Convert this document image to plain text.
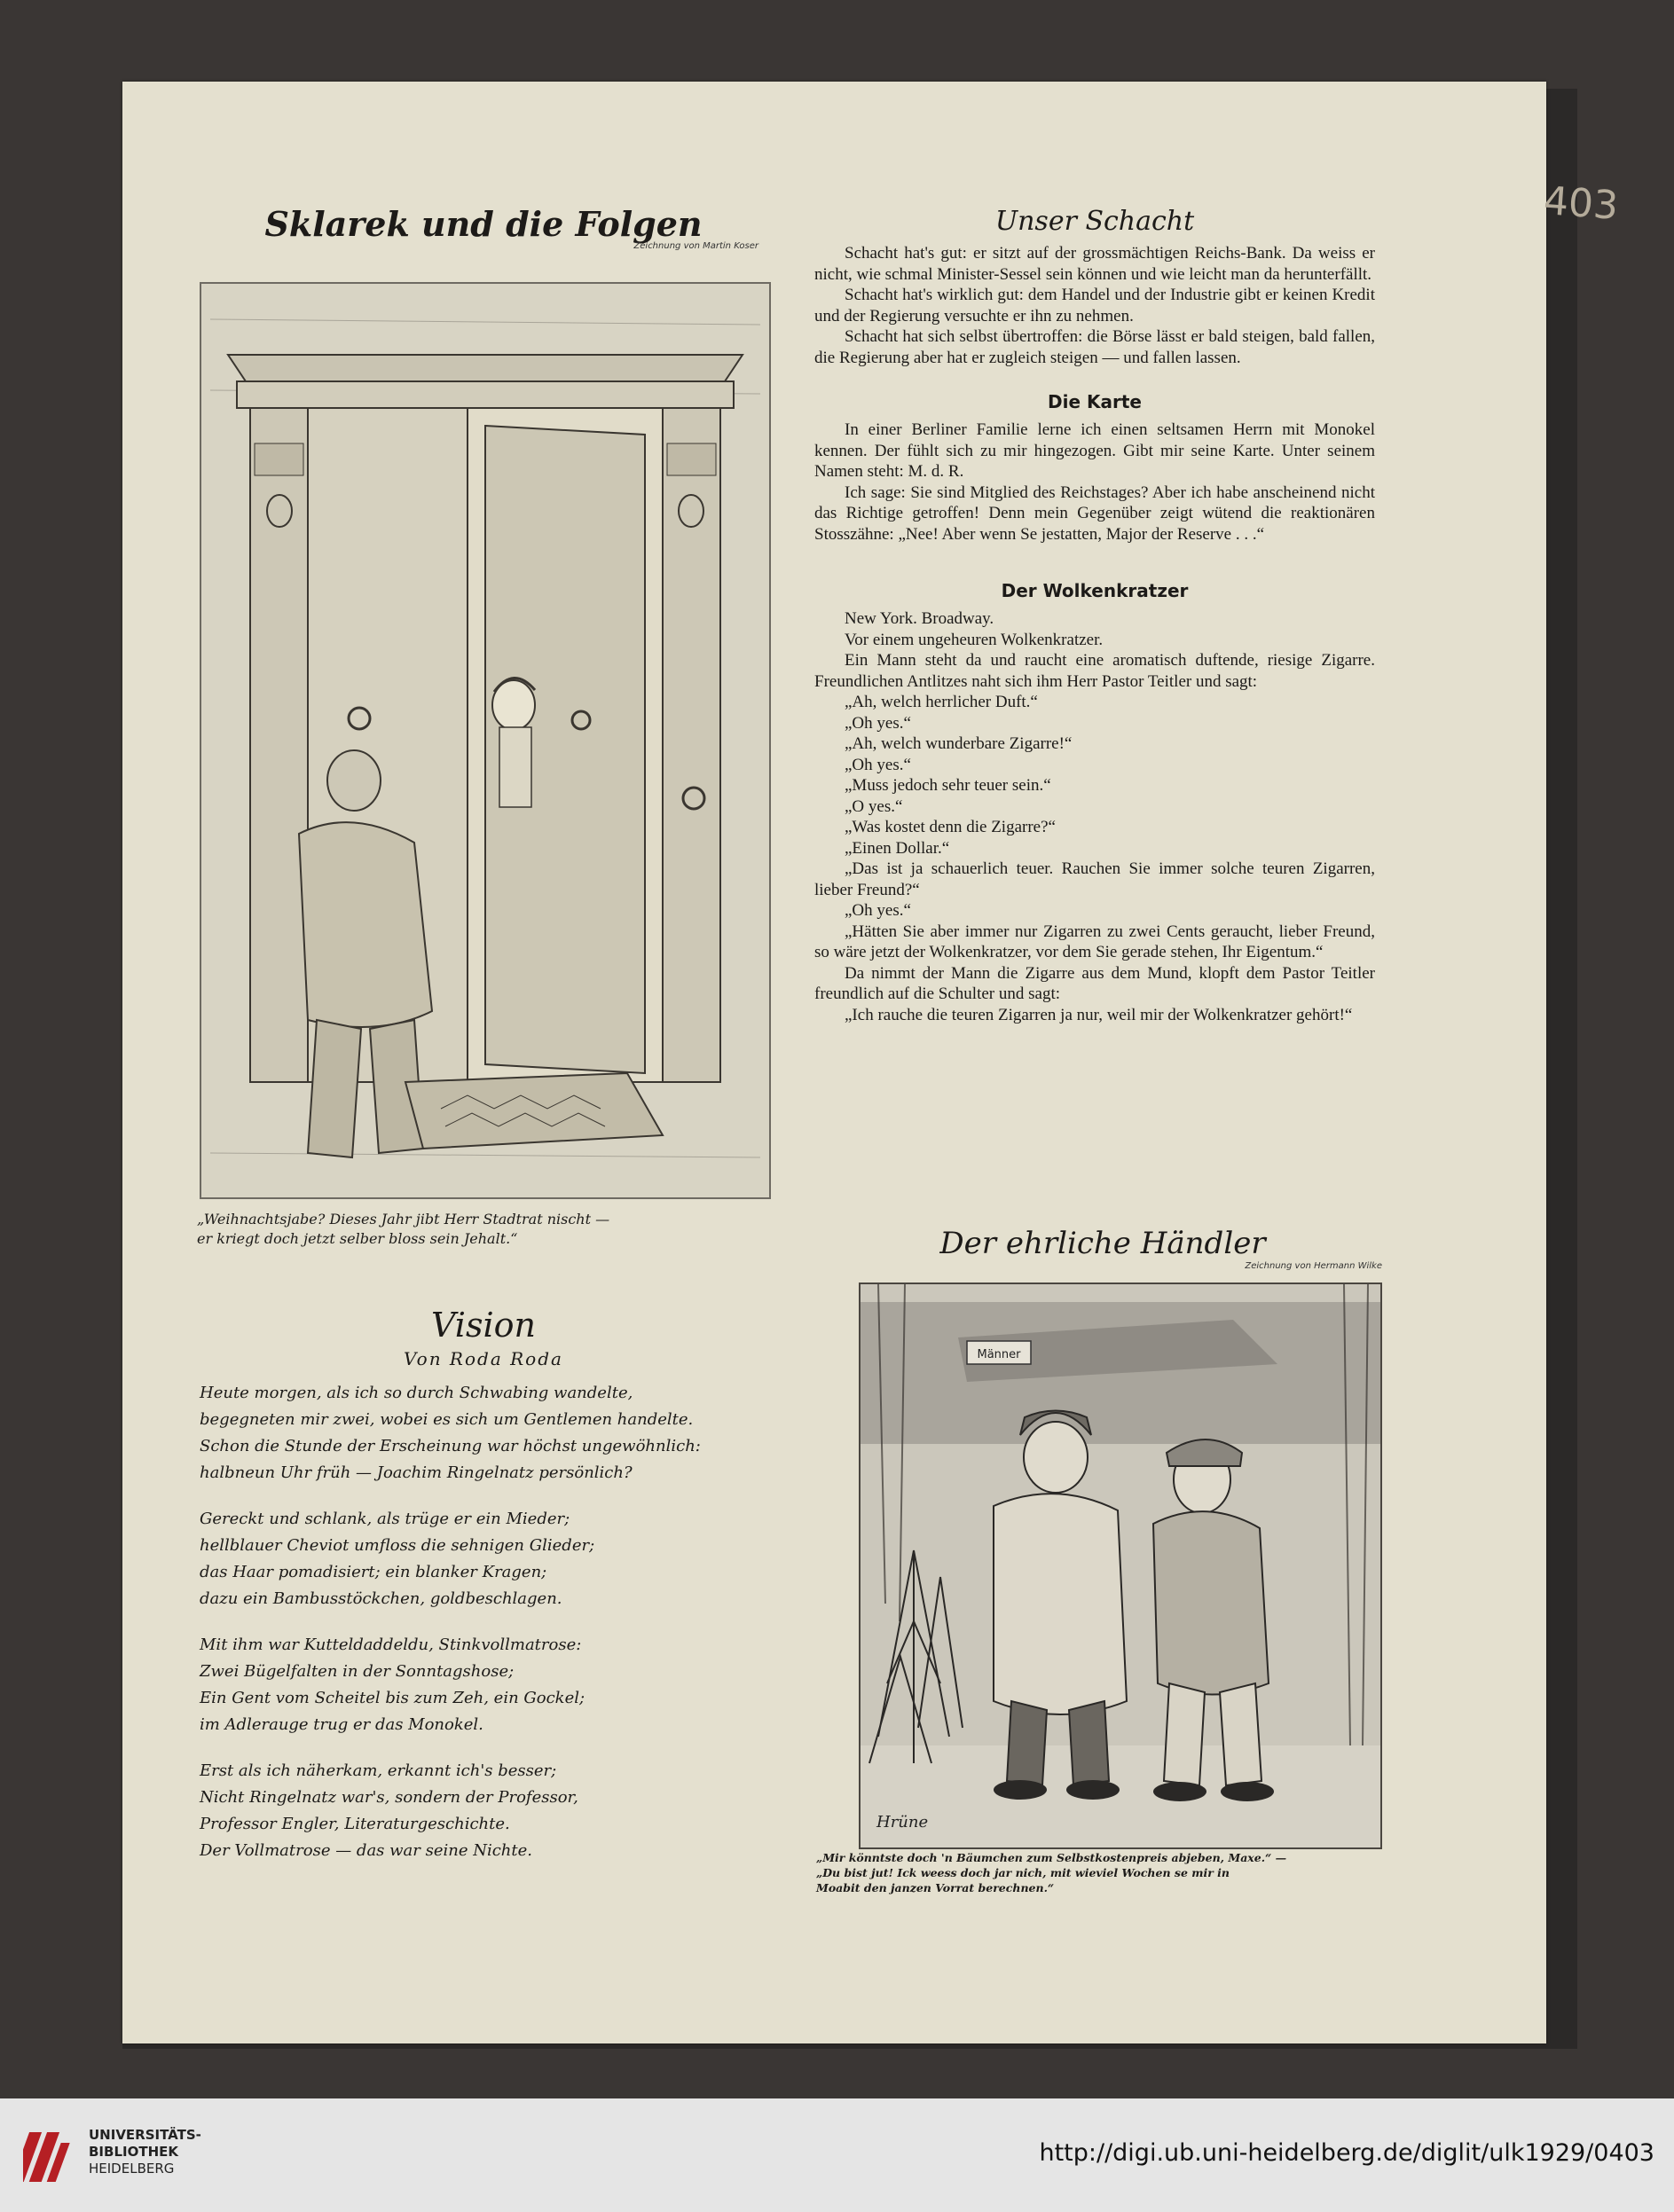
403
Sklarek und die Folgen
Zeichnung von Martin Koser
„Weihnachtsjabe? Dieses Jahr jibt Herr Stadtrat nischt —
er kriegt doch jetzt selber bloss sein Jehalt.“
Vision
Von Roda Roda
Heute morgen, als ich so durch Schwabing wandelte,
begegneten mir zwei, wobei es sich um Gentlemen handelte.
Schon die Stunde der Erscheinung war höchst ungewöhnlich:
halbneun Uhr früh — Joachim Ringelnatz persönlich?
Gereckt und schlank, als trüge er ein Mieder;
hellblauer Cheviot umfloss die sehnigen Glieder;
das Haar pomadisiert; ein blanker Kragen;
dazu ein Bambusstöckchen, goldbeschlagen.
Mit ihm war Kutteldaddeldu, Stinkvollmatrose:
Zwei Bügelfalten in der Sonntagshose;
Ein Gent vom Scheitel bis zum Zeh, ein Gockel;
im Adlerauge trug er das Monokel.
Erst als ich näherkam, erkannt ich's besser;
Nicht Ringelnatz war's, sondern der Professor,
Professor Engler, Literaturgeschichte.
Der Vollmatrose — das war seine Nichte.
Unser Schacht

Schacht hat's gut: er sitzt auf der grossmächtigen Reichs-Bank. Da weiss er nicht, wie schmal Minister-Sessel sein können und wie leicht man da herunterfällt.

Schacht hat's wirklich gut: dem Handel und der Industrie gibt er keinen Kredit und der Regierung versuchte er ihn zu nehmen.

Schacht hat sich selbst übertroffen: die Börse lässt er bald steigen, bald fallen, die Regierung aber hat er zugleich steigen — und fallen lassen.

Die Karte

In einer Berliner Familie lerne ich einen seltsamen Herrn mit Monokel kennen. Der fühlt sich zu mir hingezogen. Gibt mir seine Karte. Unter seinem Namen steht: M. d. R.

Ich sage: Sie sind Mitglied des Reichstages? Aber ich habe anscheinend nicht das Richtige getroffen! Denn mein Gegenüber zeigt wütend die reaktionären Stosszähne: „Nee! Aber wenn Se jestatten, Major der Reserve . . .“

Der Wolkenkratzer

New York. Broadway.

Vor einem ungeheuren Wolkenkratzer.

Ein Mann steht da und raucht eine aromatisch duftende, riesige Zigarre. Freundlichen Antlitzes naht sich ihm Herr Pastor Teitler und sagt:

„Ah, welch herrlicher Duft.“

„Oh yes.“

„Ah, welch wunderbare Zigarre!“

„Oh yes.“

„Muss jedoch sehr teuer sein.“

„O yes.“

„Was kostet denn die Zigarre?“

„Einen Dollar.“

„Das ist ja schauerlich teuer. Rauchen Sie immer solche teuren Zigarren, lieber Freund?“

„Oh yes.“

„Hätten Sie aber immer nur Zigarren zu zwei Cents geraucht, lieber Freund, so wäre jetzt der Wolkenkratzer, vor dem Sie gerade stehen, Ihr Eigentum.“

Da nimmt der Mann die Zigarre aus dem Mund, klopft dem Pastor Teitler freundlich auf die Schulter und sagt:

„Ich rauche die teuren Zigarren ja nur, weil mir der Wolkenkratzer gehört!“

Der ehrliche Händler
Zeichnung von Hermann Wilke
Männer
Hrüne
„Mir könntste doch 'n Bäumchen zum Selbstkostenpreis abjeben, Maxe.“ —
„Du bist jut! Ick weess doch jar nich, mit wieviel Wochen se mir in
Moabit den janzen Vorrat berechnen.“
UNIVERSITÄTS-
BIBLIOTHEK
HEIDELBERG
http://digi.ub.uni-heidelberg.de/diglit/ulk1929/0403
